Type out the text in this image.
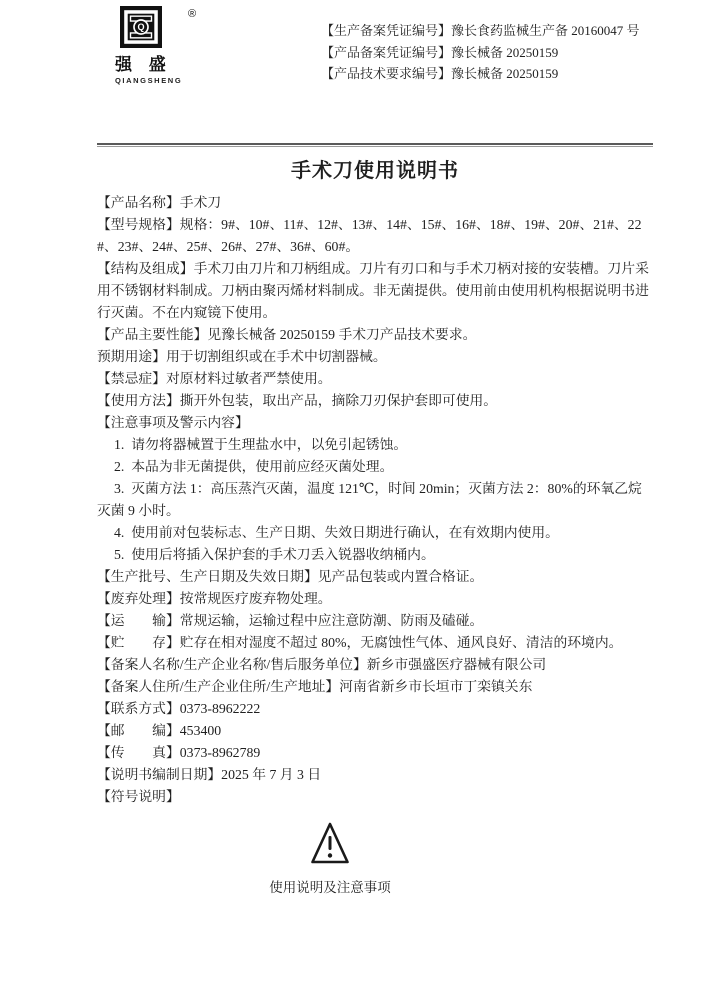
Q
®
强 盛
QIANGSHENG
【生产备案凭证编号】豫长食药监械生产备 20160047 号
【产品备案凭证编号】豫长械备 20250159
【产品技术要求编号】豫长械备 20250159
手术刀使用说明书
【产品名称】手术刀
【型号规格】规格：9#、10#、11#、12#、13#、14#、15#、16#、18#、19#、20#、21#、22#、23#、24#、25#、26#、27#、36#、60#。
【结构及组成】手术刀由刀片和刀柄组成。刀片有刃口和与手术刀柄对接的安装槽。刀片采用不锈钢材料制成。刀柄由聚丙烯材料制成。非无菌提供。使用前由使用机构根据说明书进行灭菌。不在内窥镜下使用。
【产品主要性能】见豫长械备 20250159 手术刀产品技术要求。
预期用途】用于切割组织或在手术中切割器械。
【禁忌症】对原材料过敏者严禁使用。
【使用方法】撕开外包装，取出产品，摘除刀刃保护套即可使用。
【注意事项及警示内容】
1.  请勿将器械置于生理盐水中，以免引起锈蚀。
2.  本品为非无菌提供，使用前应经灭菌处理。
3.  灭菌方法 1：高压蒸汽灭菌，温度 121℃，时间 20min；灭菌方法 2：80%的环氧乙烷灭菌 9 小时。
4.  使用前对包装标志、生产日期、失效日期进行确认，在有效期内使用。
5.  使用后将插入保护套的手术刀丢入锐器收纳桶内。
【生产批号、生产日期及失效日期】见产品包装或内置合格证。
【废弃处理】按常规医疗废弃物处理。
【运　　输】常规运输，运输过程中应注意防潮、防雨及磕碰。
【贮　　存】贮存在相对湿度不超过 80%，无腐蚀性气体、通风良好、清洁的环境内。
【备案人名称/生产企业名称/售后服务单位】新乡市强盛医疗器械有限公司
【备案人住所/生产企业住所/生产地址】河南省新乡市长垣市丁栾镇关东
【联系方式】0373-8962222
【邮　　编】453400
【传　　真】0373-8962789
【说明书编制日期】2025 年 7 月 3 日
【符号说明】
使用说明及注意事项
